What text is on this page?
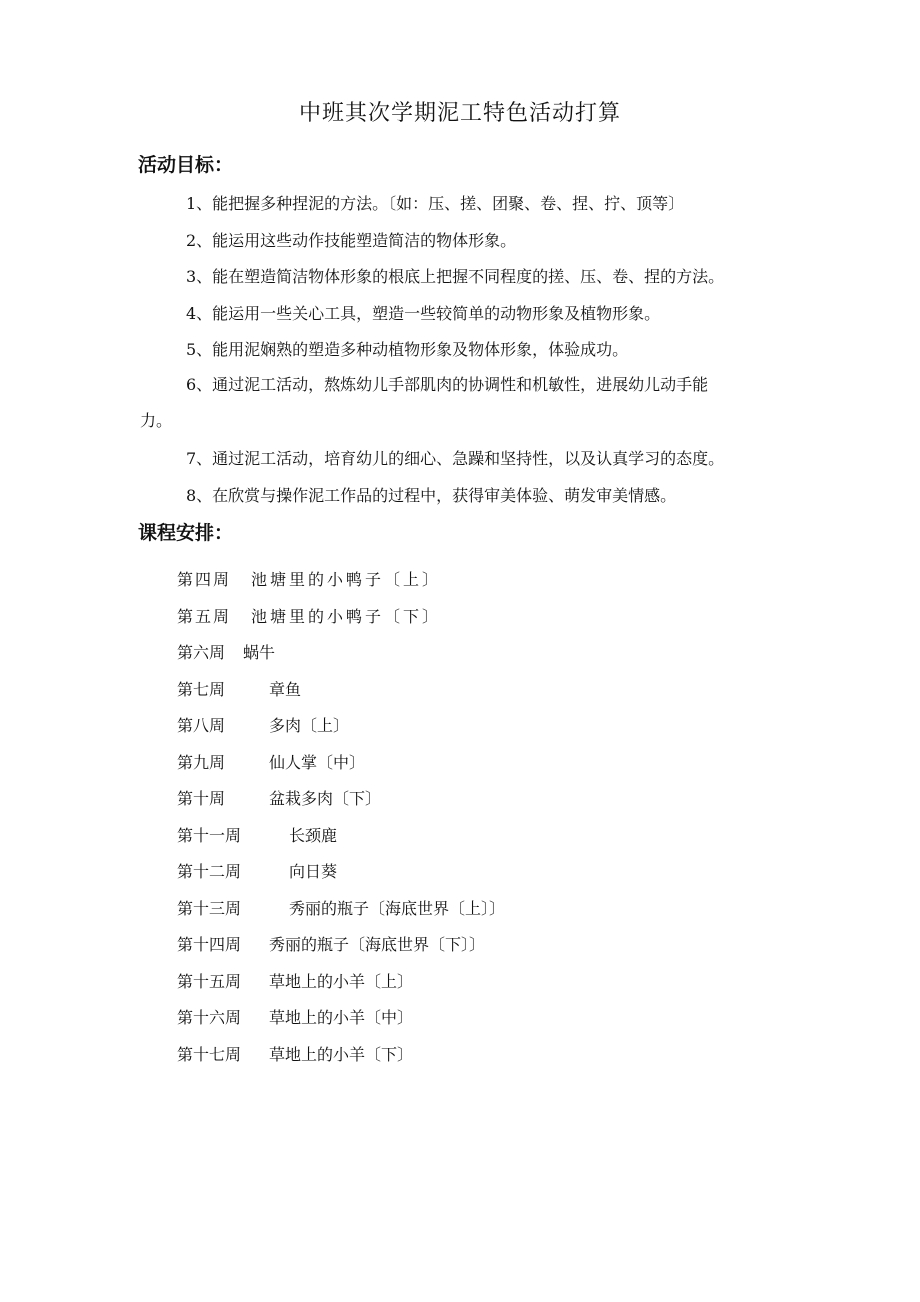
中班其次学期泥工特色活动打算
活动目标：
1、能把握多种捏泥的方法。〔如：压、搓、团聚、卷、捏、拧、顶等〕
2、能运用这些动作技能塑造简洁的物体形象。
3、能在塑造简洁物体形象的根底上把握不同程度的搓、压、卷、捏的方法。
4、能运用一些关心工具，塑造一些较简单的动物形象及植物形象。
5、能用泥娴熟的塑造多种动植物形象及物体形象，体验成功。
6、通过泥工活动，熬炼幼儿手部肌肉的协调性和机敏性，进展幼儿动手能
力。
7、通过泥工活动，培育幼儿的细心、急躁和坚持性，以及认真学习的态度。
8、在欣赏与操作泥工作品的过程中，获得审美体验、萌发审美情感。
课程安排：
第四周 池塘里的小鸭子〔上〕
第五周 池塘里的小鸭子〔下〕
第六周 蜗牛
第七周	章鱼
第八周	多肉〔上〕
第九周	仙人掌〔中〕
第十周	盆栽多肉〔下〕
第十一周	长颈鹿
第十二周	向日葵
第十三周	秀丽的瓶子〔海底世界〔上〕〕
第十四周 秀丽的瓶子〔海底世界〔下〕〕
第十五周 草地上的小羊〔上〕
第十六周 草地上的小羊〔中〕
第十七周 草地上的小羊〔下〕
